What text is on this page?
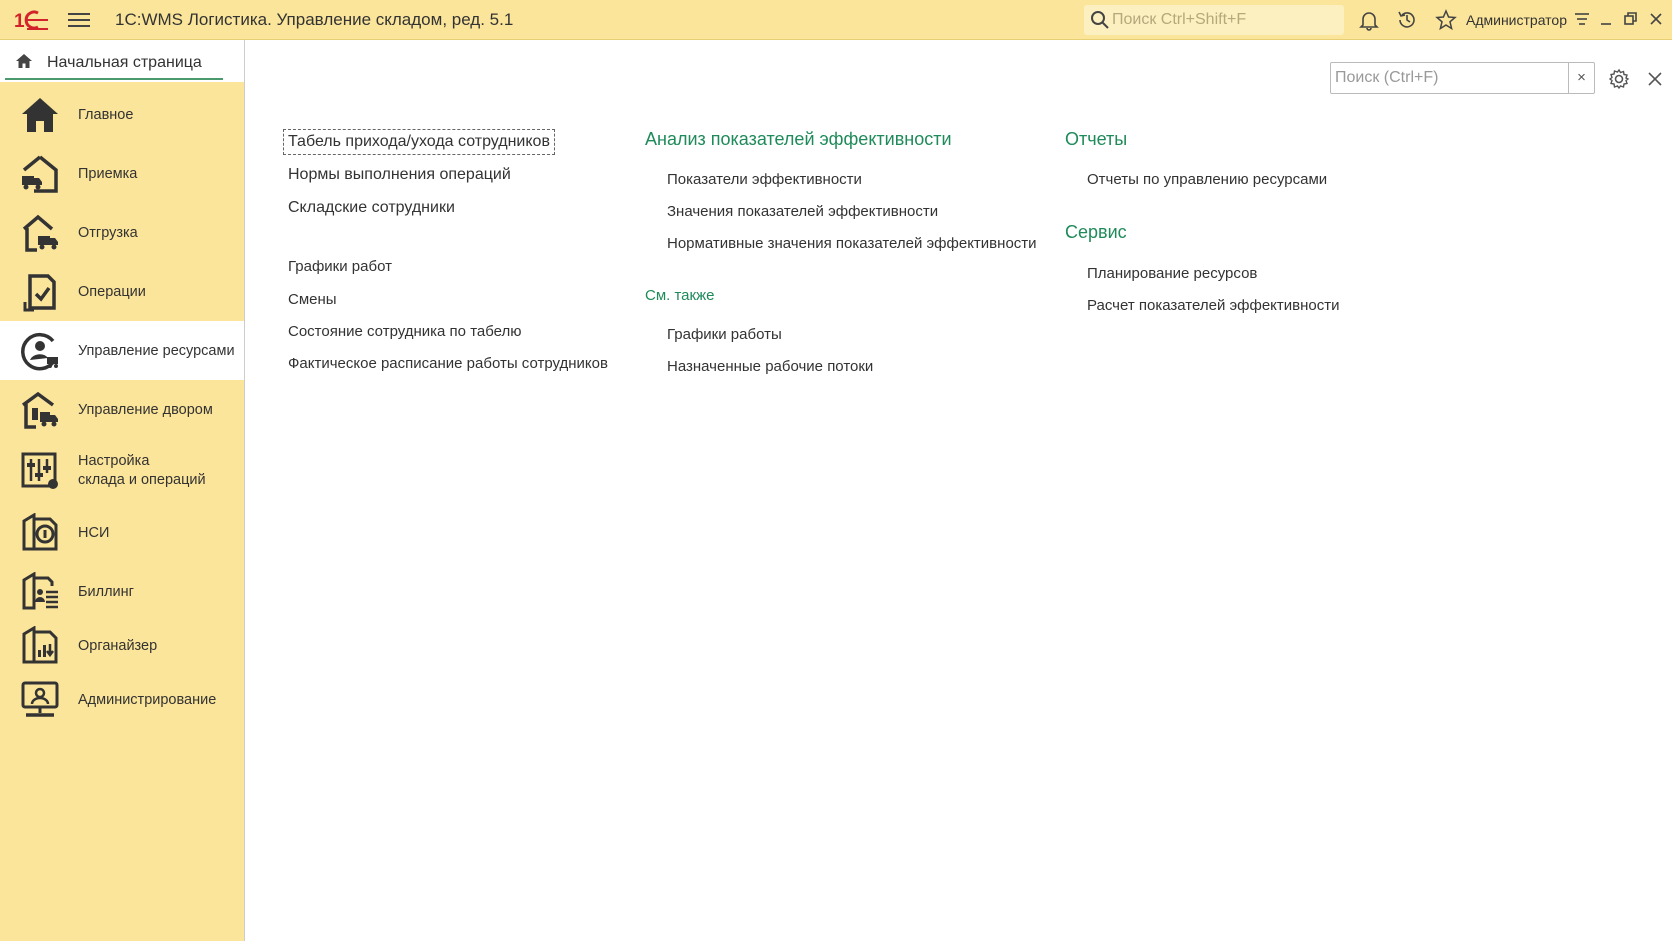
1	1С:WMS Логистика. Управление складом, ред. 5.1
Поиск Ctrl+Shift+F	Администратор
Начальная страница
Главное
Приемка
Отгрузка
Операции
Управление ресурсами
Управление двором
Настройка
склада и операций
НСИ
Биллинг
Органайзер
Администрирование
Поиск (Ctrl+F)
×
Табель прихода/ухода сотрудников
Нормы выполнения операций
Складские сотрудники
Графики работ
Смены
Состояние сотрудника по табелю
Фактическое расписание работы сотрудников
Анализ показателей эффективности
Показатели эффективности
Значения показателей эффективности
Нормативные значения показателей эффективности
См. также
Графики работы
Назначенные рабочие потоки
Отчеты
Отчеты по управлению ресурсами
Сервис
Планирование ресурсов
Расчет показателей эффективности
